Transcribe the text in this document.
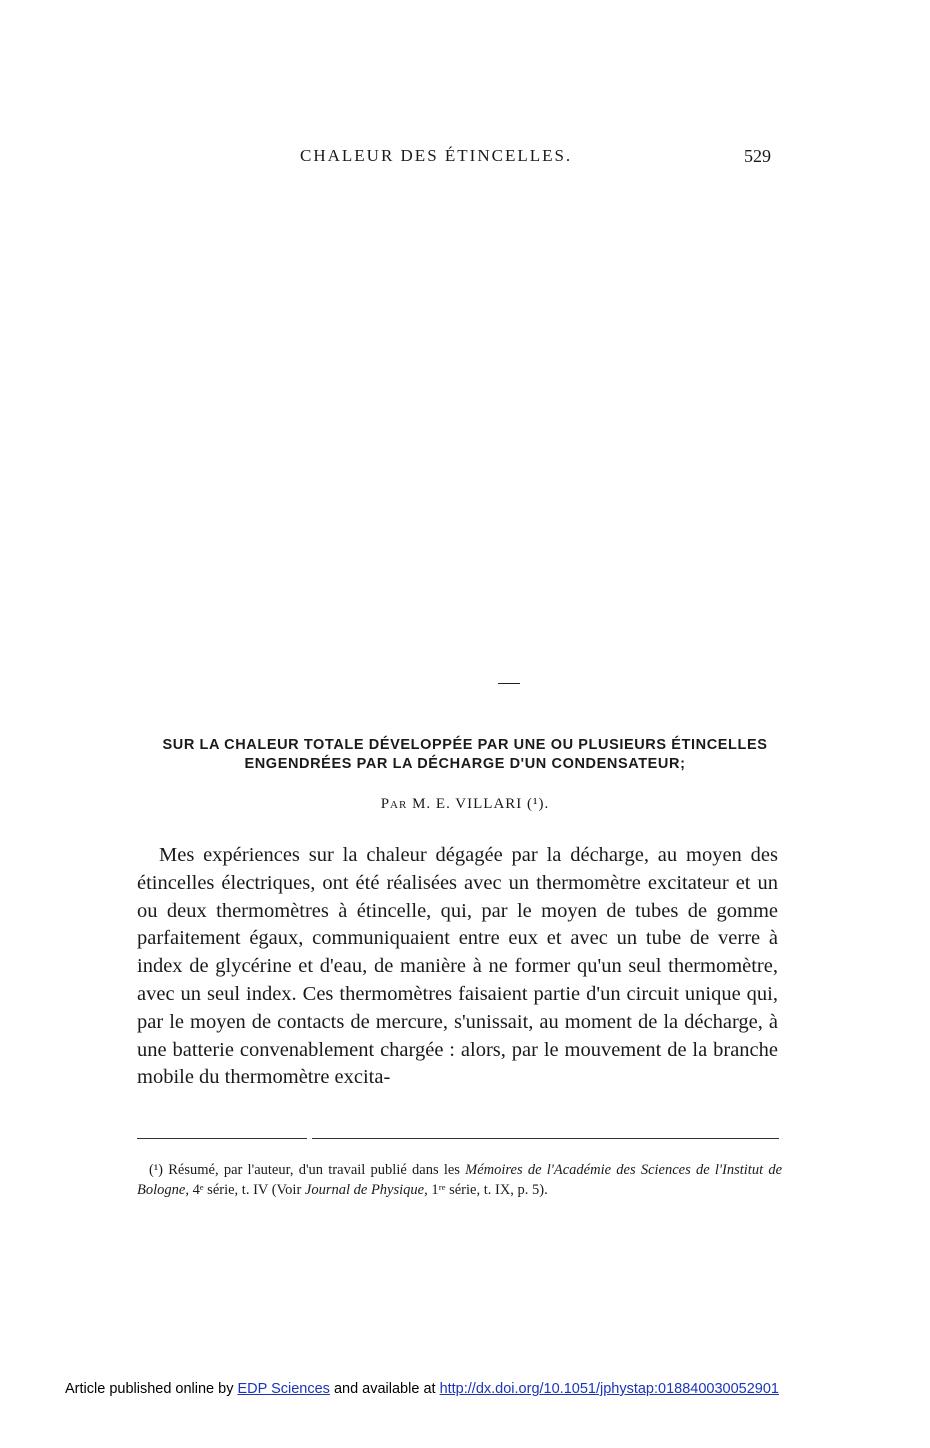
CHALEUR DES ÉTINCELLES.	529
SUR LA CHALEUR TOTALE DÉVELOPPÉE PAR UNE OU PLUSIEURS ÉTINCELLES
ENGENDRÉES PAR LA DÉCHARGE D'UN CONDENSATEUR;
Par M. E. VILLARI (¹).
Mes expériences sur la chaleur dégagée par la décharge, au moyen des étincelles électriques, ont été réalisées avec un thermomètre excitateur et un ou deux thermomètres à étincelle, qui, par le moyen de tubes de gomme parfaitement égaux, communiquaient entre eux et avec un tube de verre à index de glycérine et d'eau, de manière à ne former qu'un seul thermomètre, avec un seul index. Ces thermomètres faisaient partie d'un circuit unique qui, par le moyen de contacts de mercure, s'unissait, au moment de la décharge, à une batterie convenablement chargée : alors, par le mouvement de la branche mobile du thermomètre excita-
(¹) Résumé, par l'auteur, d'un travail publié dans les Mémoires de l'Académie des Sciences de l'Institut de Bologne, 4ᵉ série, t. IV (Voir Journal de Physique, 1ʳᵉ série, t. IX, p. 5).
Article published online by EDP Sciences and available at http://dx.doi.org/10.1051/jphystap:018840030052901
